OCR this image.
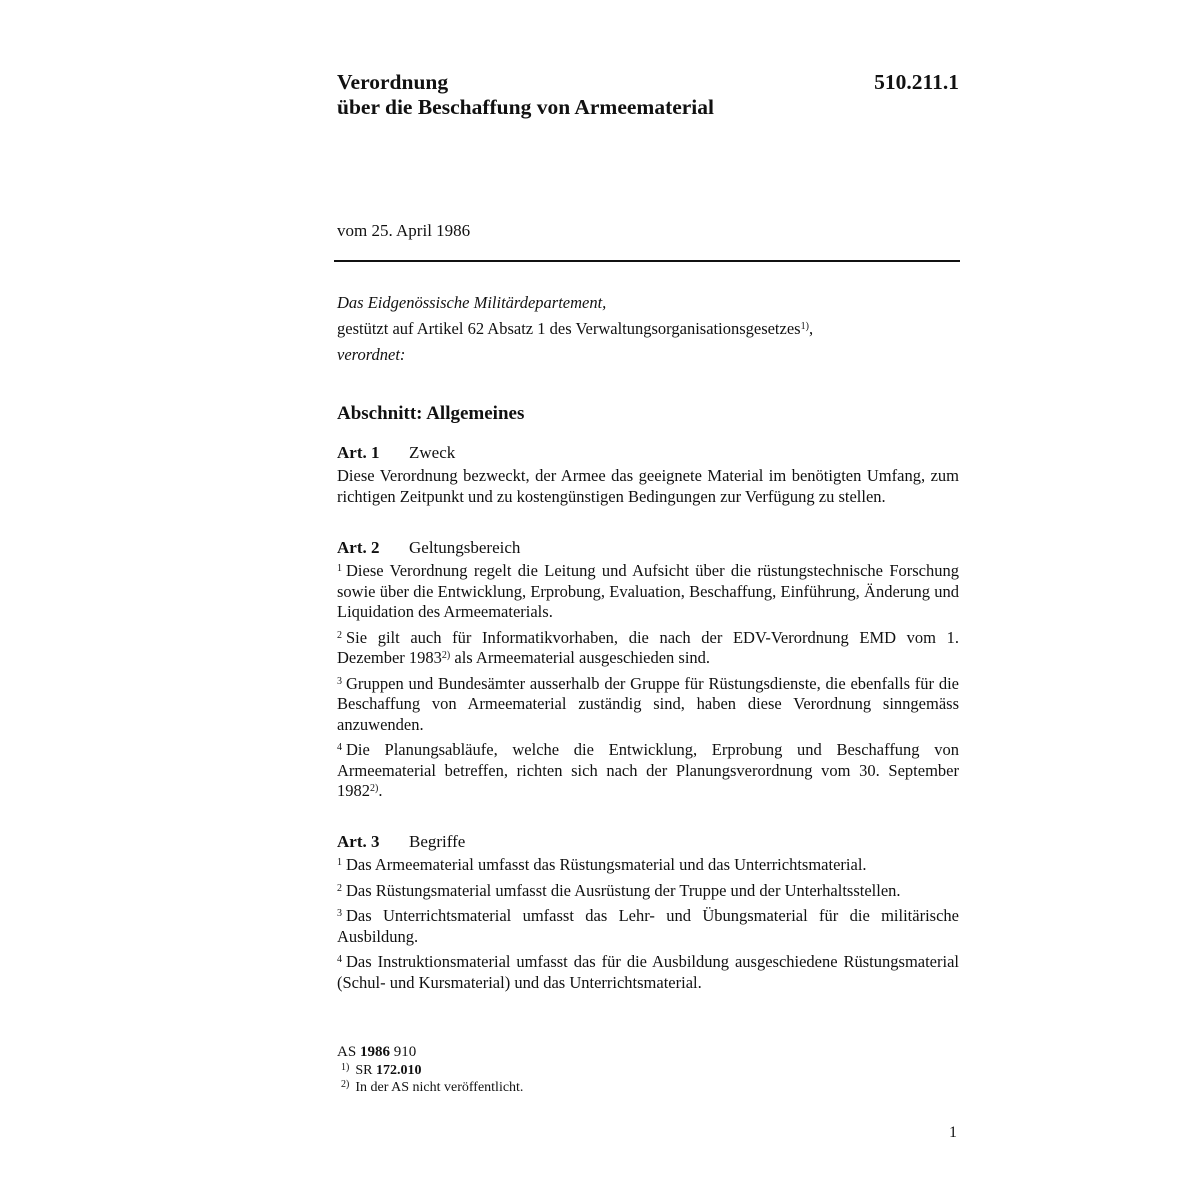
Verordnung
über die Beschaffung von Armeematerial
510.211.1
vom 25. April 1986
Das Eidgenössische Militärdepartement,
gestützt auf Artikel 62 Absatz 1 des Verwaltungsorganisationsgesetzes$^{1)}$,
verordnet:
Abschnitt: Allgemeines
Art. 1 Zweck

Diese Verordnung bezweckt, der Armee das geeignete Material im benötigten Umfang, zum richtigen Zeitpunkt und zu kostengünstigen Bedingungen zur Verfügung zu stellen.

Art. 2 Geltungsbereich

$^1$ Diese Verordnung regelt die Leitung und Aufsicht über die rüstungstechnische Forschung sowie über die Entwicklung, Erprobung, Evaluation, Beschaffung, Einführung, Änderung und Liquidation des Armeematerials.

$^2$ Sie gilt auch für Informatikvorhaben, die nach der EDV-Verordnung EMD vom 1. Dezember 1983$^{2)}$ als Armeematerial ausgeschieden sind.

$^3$ Gruppen und Bundesämter ausserhalb der Gruppe für Rüstungsdienste, die ebenfalls für die Beschaffung von Armeematerial zuständig sind, haben diese Verordnung sinngemäss anzuwenden.

$^4$ Die Planungsabläufe, welche die Entwicklung, Erprobung und Beschaffung von Armeematerial betreffen, richten sich nach der Planungsverordnung vom 30. September 1982$^{2)}$.

Art. 3 Begriffe

$^1$ Das Armeematerial umfasst das Rüstungsmaterial und das Unterrichtsmaterial.

$^2$ Das Rüstungsmaterial umfasst die Ausrüstung der Truppe und der Unterhaltsstellen.

$^3$ Das Unterrichtsmaterial umfasst das Lehr- und Übungsmaterial für die militärische Ausbildung.

$^4$ Das Instruktionsmaterial umfasst das für die Ausbildung ausgeschiedene Rüstungsmaterial (Schul- und Kursmaterial) und das Unterrichtsmaterial.

AS 1986 910
$^{1)}$ SR 172.010
$^{2)}$ In der AS nicht veröffentlicht.
1
